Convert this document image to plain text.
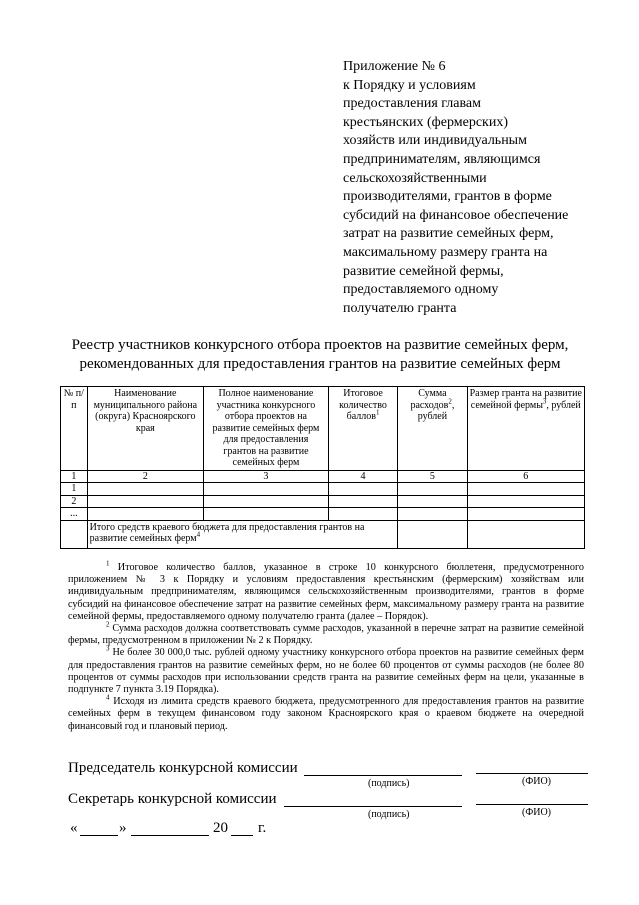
Приложение № 6
к Порядку и условиям
предоставления главам
крестьянских (фермерских)
хозяйств или индивидуальным
предпринимателям, являющимся
сельскохозяйственными
производителями, грантов в форме
субсидий на финансовое обеспечение
затрат на развитие семейных ферм,
максимальному размеру гранта на
развитие семейной фермы,
предоставляемого одному
получателю гранта
Реестр участников конкурсного отбора проектов на развитие семейных ферм,
рекомендованных для предоставления грантов на развитие семейных ферм
№ п/п	Наименование муниципального района (округа) Красноярского края	Полное наименование участника конкурсного отбора проектов на развитие семейных ферм для предоставления грантов на развитие семейных ферм	Итоговое количество баллов$^1$	Сумма расходов$^2$, рублей	Размер гранта на развитие семейной фермы$^3$, рублей
1	2	3	4	5	6
1					
2					
...					
	Итого средств краевого бюджета для предоставления грантов на развитие семейных ферм$^4$		

$^1$ Итоговое количество баллов, указанное в строке 10 конкурсного бюллетеня, предусмотренного приложением № 3 к Порядку и условиям предоставления крестьянским (фермерским) хозяйствам или индивидуальным предпринимателям, являющимся сельскохозяйственным производителями, грантов в форме субсидий на финансовое обеспечение затрат на развитие семейных ферм, максимальному размеру гранта на развитие семейной фермы, предоставляемого одному получателю гранта (далее – Порядок).

$^2$ Сумма расходов должна соответствовать сумме расходов, указанной в перечне затрат на развитие семейной фермы, предусмотренном в приложении № 2 к Порядку.

$^3$ Не более 30 000,0 тыс. рублей одному участнику конкурсного отбора проектов на развитие семейных ферм для предоставления грантов на развитие семейных ферм, но не более 60 процентов от суммы расходов (не более 80 процентов от суммы расходов при использовании средств гранта на развитие семейных ферм на цели, указанные в подпункте 7 пункта 3.19 Порядка).

$^4$ Исходя из лимита средств краевого бюджета, предусмотренного для предоставления грантов на развитие семейных ферм в текущем финансовом году законом Красноярского края о краевом бюджете на очередной финансовый год и плановый период.

Председатель конкурсной комиссии
(подпись)	(ФИО)
Секретарь конкурсной комиссии
(подпись)	(ФИО)
«	»	20 г.
